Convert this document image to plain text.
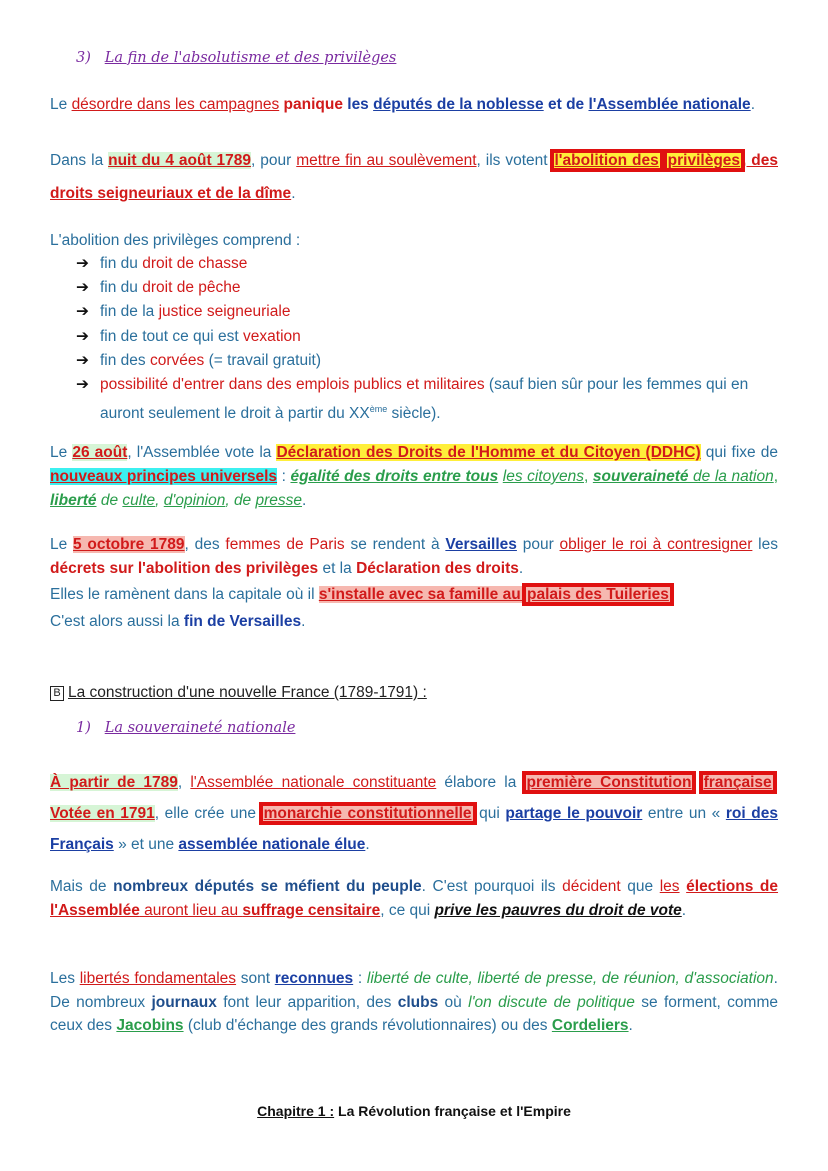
3) La fin de l'absolutisme et des privilèges
Le désordre dans les campagnes panique les députés de la noblesse et de l'Assemblée nationale.
Dans la nuit du 4 août 1789, pour mettre fin au soulèvement, ils votent l'abolition des privilèges , des droits seigneuriaux et de la dîme.
L'abolition des privilèges comprend :
➔ fin du droit de chasse
➔ fin du droit de pêche
➔ fin de la justice seigneuriale
➔ fin de tout ce qui est vexation
➔ fin des corvées (= travail gratuit)
➔ possibilité d'entrer dans des emplois publics et militaires (sauf bien sûr pour les femmes qui en auront seulement le droit à partir du XXème siècle).
Le 26 août, l'Assemblée vote la Déclaration des Droits de l'Homme et du Citoyen (DDHC) qui fixe de nouveaux principes universels : égalité des droits entre tous les citoyens, souveraineté de la nation, liberté de culte, d'opinion, de presse.
Le 5 octobre 1789, des femmes de Paris se rendent à Versailles pour obliger le roi à contresigner les décrets sur l'abolition des privilèges et la Déclaration des droits.
Elles le ramènent dans la capitale où il s'installe avec sa famille au palais des Tuileries .
C'est alors aussi la fin de Versailles.
B La construction d'une nouvelle France (1789-1791) :
1) La souveraineté nationale
À partir de 1789, l'Assemblée nationale constituante élabore la première Constitution française . Votée en 1791, elle crée une monarchie constitutionnelle qui partage le pouvoir entre un « roi des Français » et une assemblée nationale élue.
Mais de nombreux députés se méfient du peuple. C'est pourquoi ils décident que les élections de l'Assemblée auront lieu au suffrage censitaire, ce qui prive les pauvres du droit de vote.
Les libertés fondamentales sont reconnues : liberté de culte, liberté de presse, de réunion, d'association. De nombreux journaux font leur apparition, des clubs où l'on discute de politique se forment, comme ceux des Jacobins (club d'échange des grands révolutionnaires) ou des Cordeliers.
Chapitre 1 : La Révolution française et l'Empire
